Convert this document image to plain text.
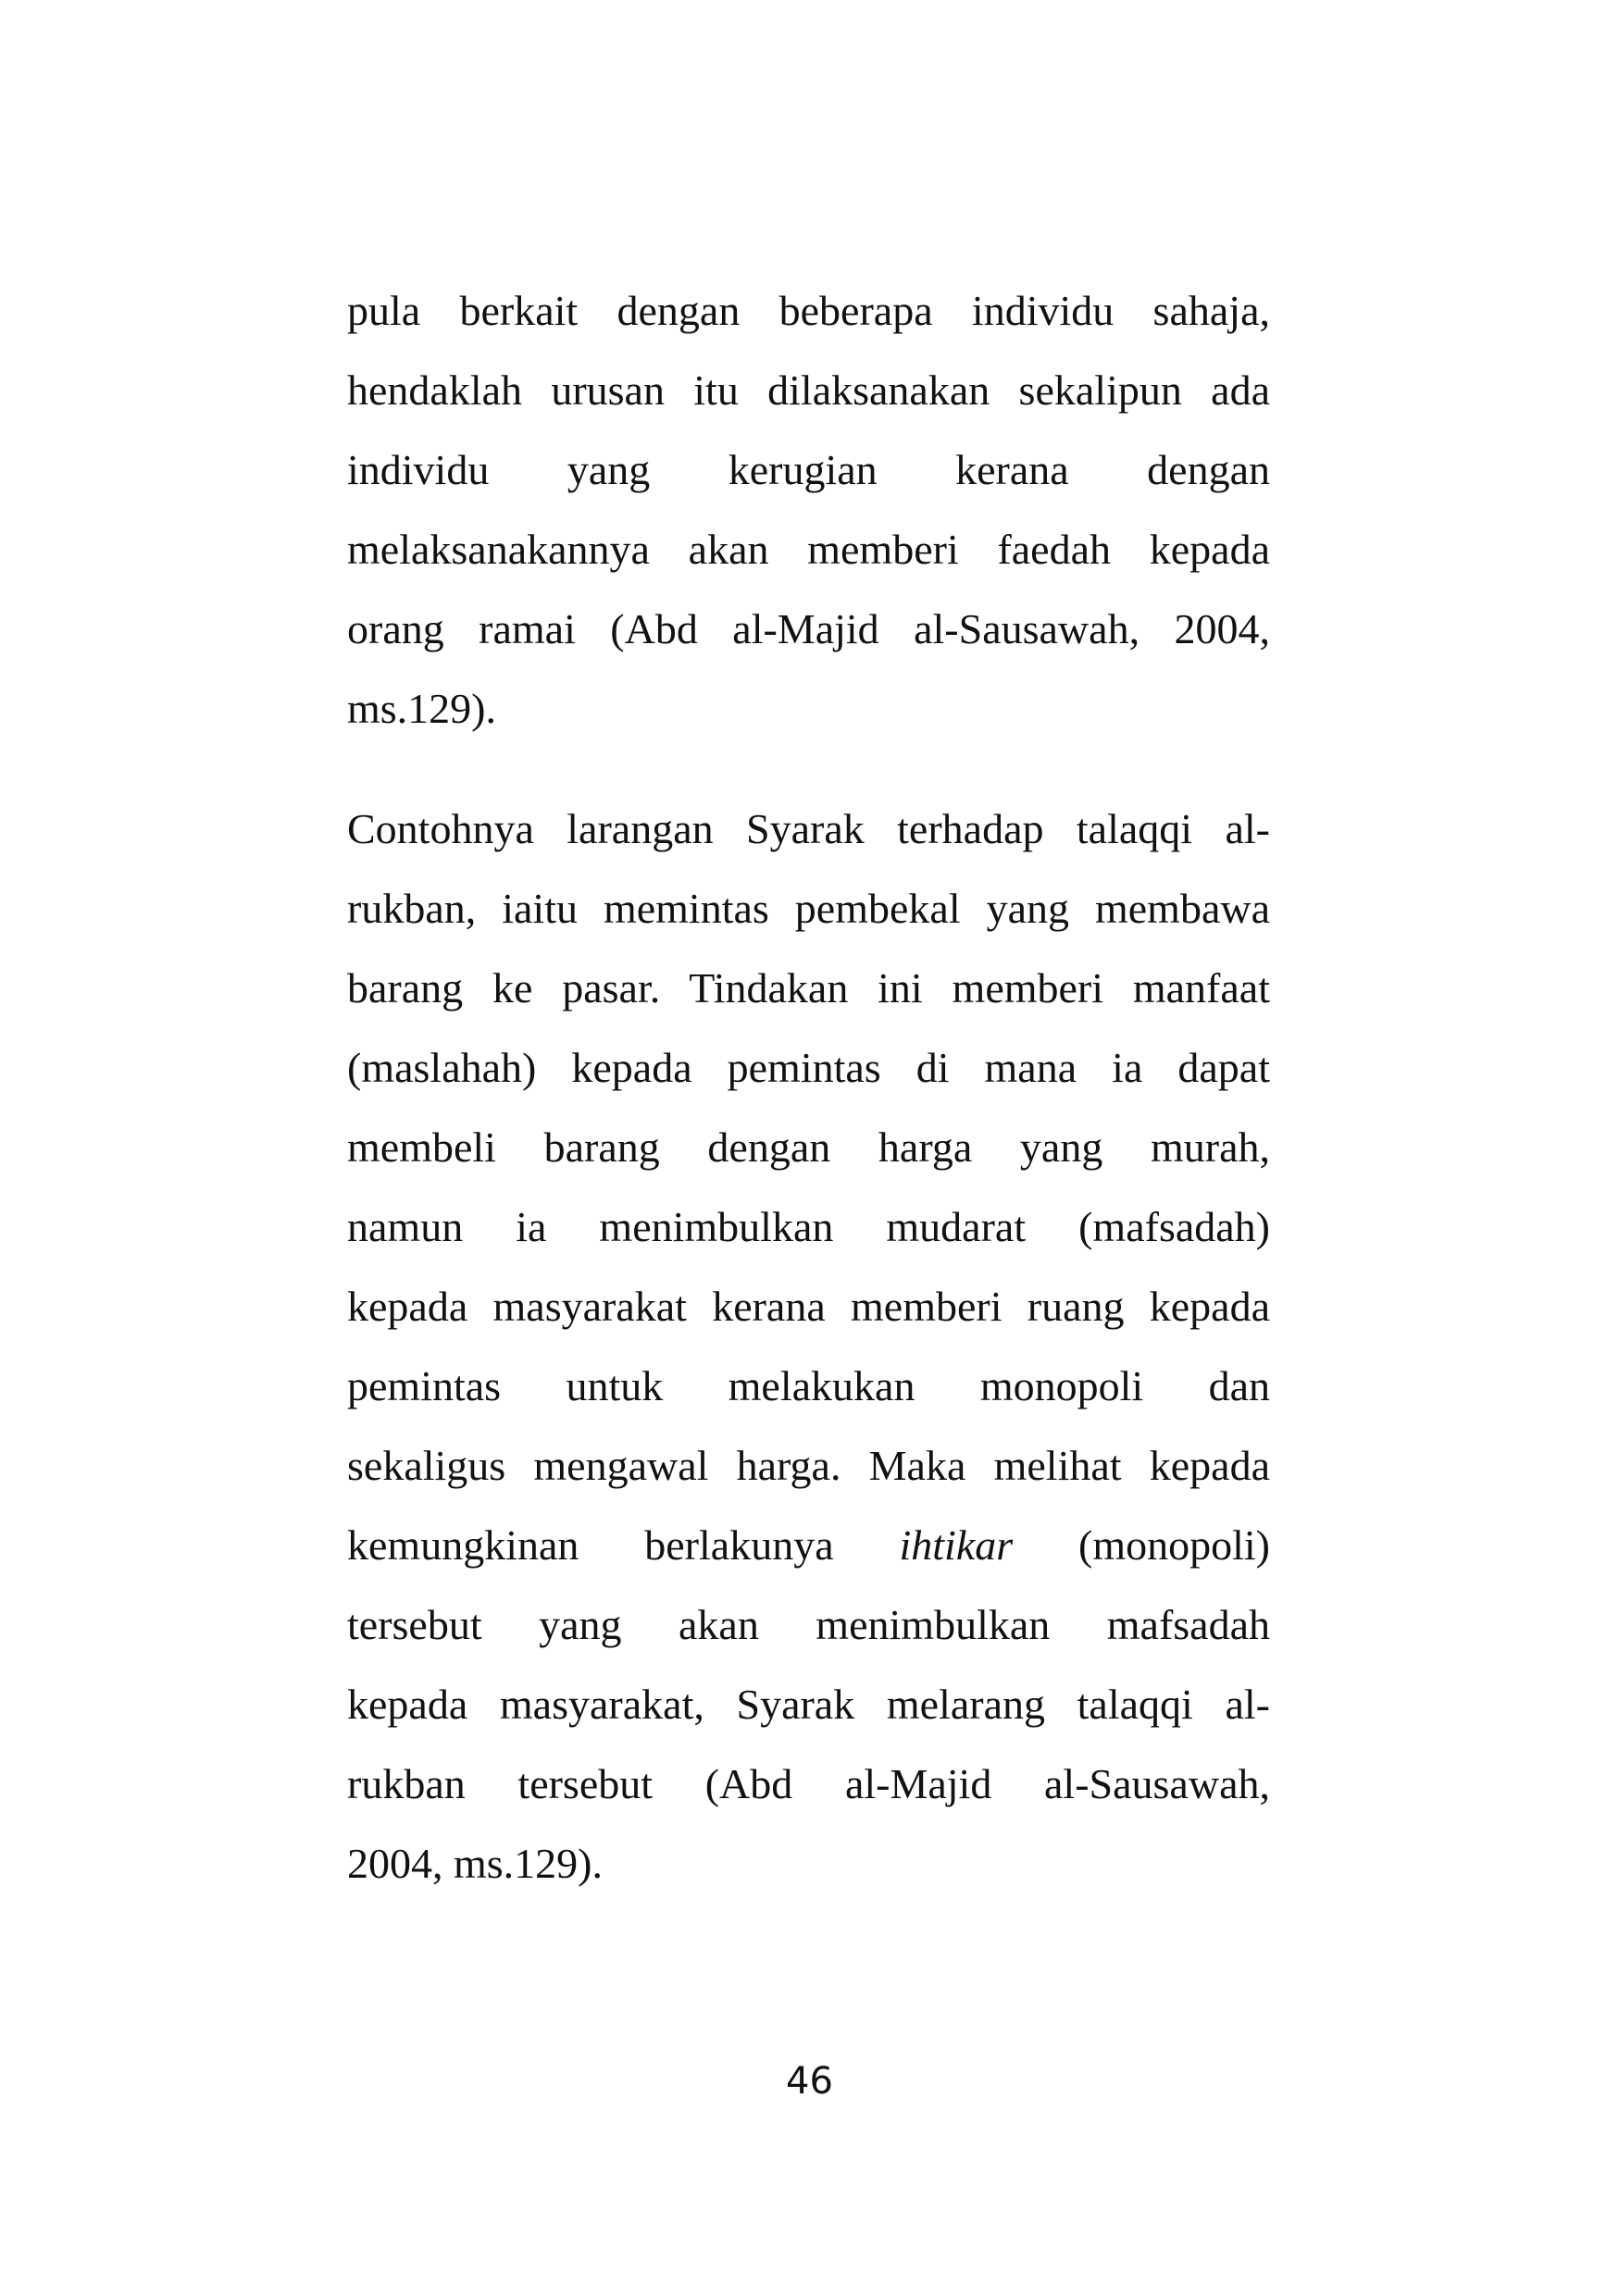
pula berkait dengan beberapa individu sahaja,
hendaklah urusan itu dilaksanakan sekalipun ada
individu yang kerugian kerana dengan
melaksanakannya akan memberi faedah kepada
orang ramai (Abd al-Majid al-Sausawah, 2004,
ms.129).
Contohnya larangan Syarak terhadap talaqqi al-
rukban, iaitu memintas pembekal yang membawa
barang ke pasar. Tindakan ini memberi manfaat
(maslahah) kepada pemintas di mana ia dapat
membeli barang dengan harga yang murah,
namun ia menimbulkan mudarat (mafsadah)
kepada masyarakat kerana memberi ruang kepada
pemintas untuk melakukan monopoli dan
sekaligus mengawal harga. Maka melihat kepada
kemungkinan berlakunya ihtikar (monopoli)
tersebut yang akan menimbulkan mafsadah
kepada masyarakat, Syarak melarang talaqqi al-
rukban tersebut (Abd al-Majid al-Sausawah,
2004, ms.129).
46
